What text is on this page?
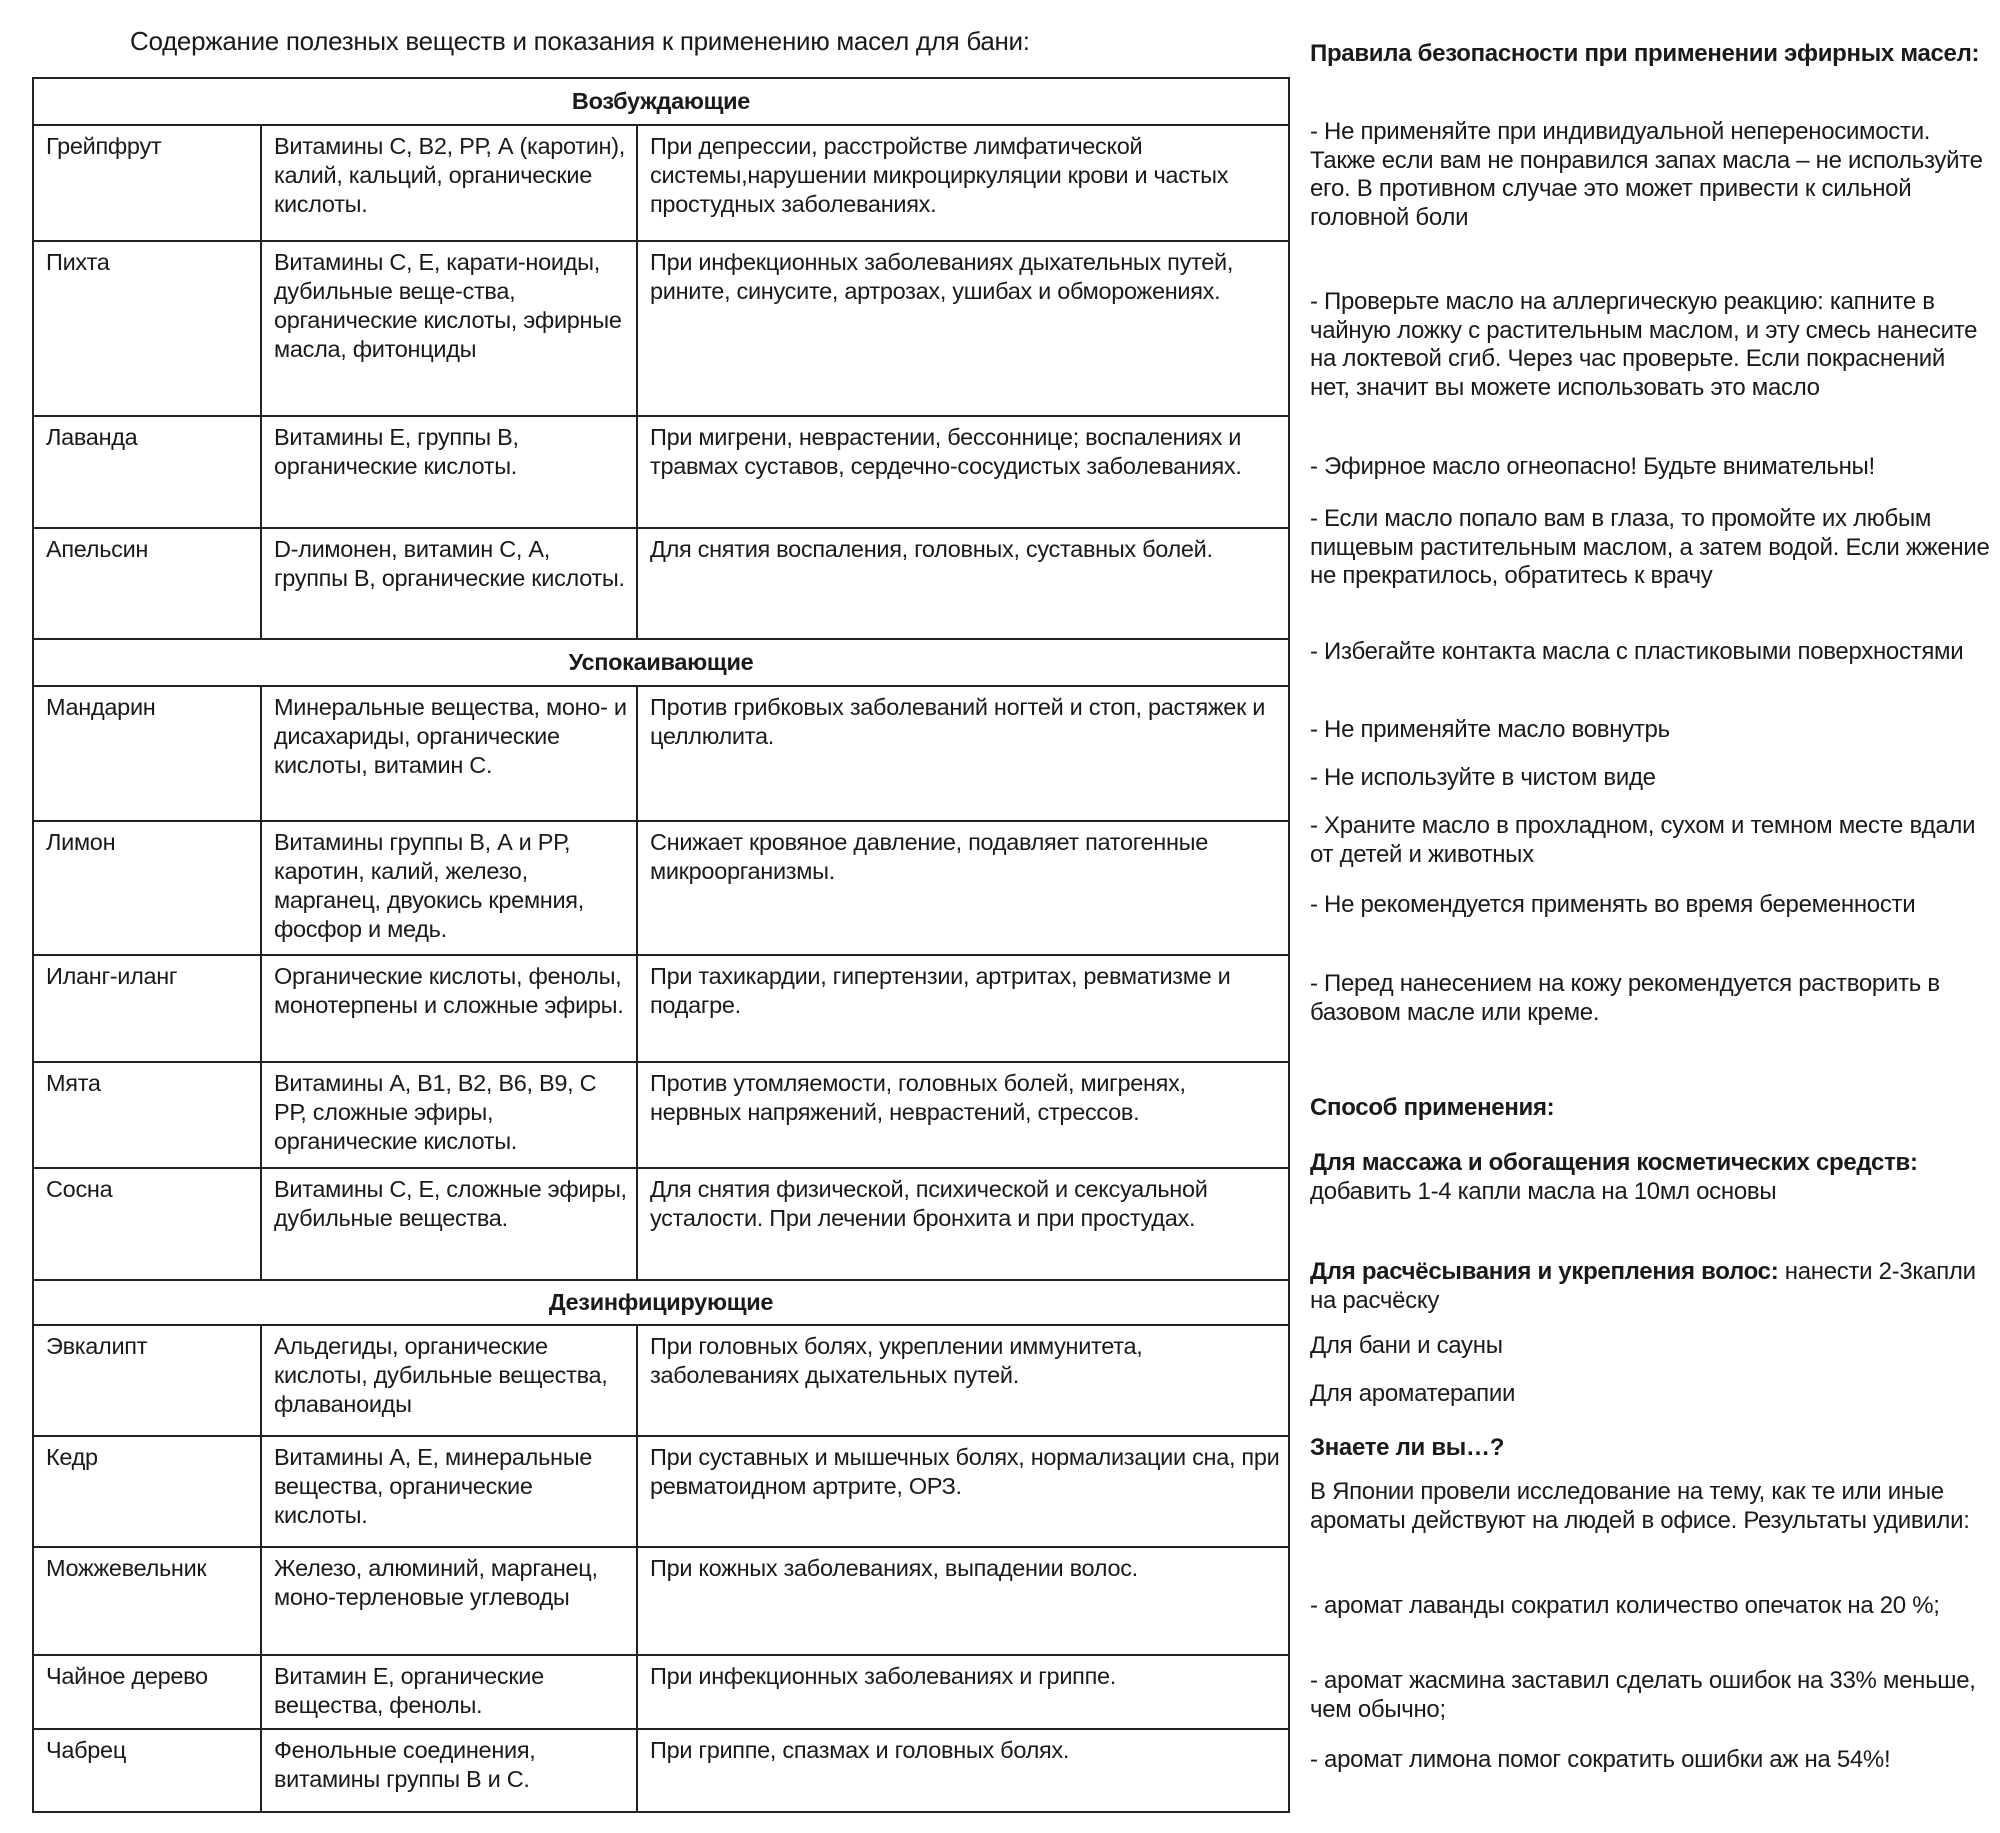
Содержание полезных веществ и показания к применению масел для бани:
Возбуждающие		
Грейпфрут	Витамины С, В2, РР, А (каротин), калий, кальций, органические кислоты.	При депрессии, расстройстве лимфатической системы,нарушении микроциркуляции крови и частых простудных заболеваниях.
Пихта	Витамины С, Е, карати-ноиды, дубильные веще-ства, органические кислоты, эфирные масла, фитонциды	При инфекционных заболеваниях дыхательных путей, рините, синусите, артрозах, ушибах и обморожениях.
Лаванда	Витамины Е, группы В, органические кислоты.	При мигрени, неврастении, бессоннице; воспалениях и травмах суставов, сердечно-сосудистых заболеваниях.
Апельсин	D-лимонен, витамин С, А, группы В, органические кислоты.	Для снятия воспаления, головных, суставных болей.
Успокаивающие		
Мандарин	Минеральные вещества, моно- и дисахариды, органические кислоты, витамин С.	Против грибковых заболеваний ногтей и стоп, растяжек и целлюлита.
Лимон	Витамины группы В, А и РР, каротин, калий, железо, марганец, двуокись кремния, фосфор и медь.	Снижает кровяное давление, подавляет патогенные микроорганизмы.
Иланг-иланг	Органические кислоты, фенолы, монотерпены и сложные эфиры.	При тахикардии, гипертензии, артритах, ревматизме и подагре.
Мята	Витамины А, В1, В2, В6, В9, С РР, сложные эфиры, органические кислоты.	Против утомляемости, головных болей, мигренях, нервных напряжений, неврастений, стрессов.
Сосна	Витамины С, Е, сложные эфиры, дубильные вещества.	Для снятия физической, психической и сексуальной усталости. При лечении бронхита и при простудах.
Дезинфицирующие		
Эвкалипт	Альдегиды, органические кислоты, дубильные вещества, флаваноиды	При головных болях, укреплении иммунитета, заболеваниях дыхательных путей.
Кедр	Витамины А, Е, минеральные вещества, органические кислоты.	При суставных и мышечных болях, нормализации сна, при ревматоидном артрите, ОРЗ.
Можжевельник	Железо, алюминий, марганец, моно-терленовые углеводы	При кожных заболеваниях, выпадении волос.
Чайное дерево	Витамин Е, органические вещества, фенолы.	При инфекционных заболеваниях и гриппе.
Чабрец	Фенольные соединения, витамины группы В и С.	При гриппе, спазмах и головных болях.
Правила безопасности при применении эфирных масел:
- Не применяйте при индивидуальной непереносимости. Также если вам не понравился запах масла – не используйте его. В противном случае это может привести к сильной головной боли
- Проверьте масло на аллергическую реакцию: капните в чайную ложку с растительным маслом, и эту смесь нанесите на локтевой сгиб. Через час проверьте. Если покраснений нет, значит вы можете использовать это масло
- Эфирное масло огнеопасно! Будьте внимательны!
- Если масло попало вам в глаза, то промойте их любым пищевым растительным маслом, а затем водой. Если жжение не прекратилось, обратитесь к врачу
- Избегайте контакта масла с пластиковыми поверхностями
- Не применяйте масло вовнутрь
- Не используйте в чистом виде
- Храните масло в прохладном, сухом и темном месте вдали от детей и животных
- Не рекомендуется применять во время беременности
- Перед нанесением на кожу рекомендуется растворить в базовом масле или креме.
Способ применения:
Для массажа и обогащения косметических средств: добавить 1-4 капли масла на 10мл основы
Для расчёсывания и укрепления волос: нанести 2-3капли на расчёску
Для бани и сауны
Для ароматерапии
Знаете ли вы…?
В Японии провели исследование на тему, как те или иные ароматы действуют на людей в офисе. Результаты удивили:
- аромат лаванды сократил количество опечаток на 20 %;
- аромат жасмина заставил сделать ошибок на 33% меньше, чем обычно;
- аромат лимона помог сократить ошибки аж на 54%!
